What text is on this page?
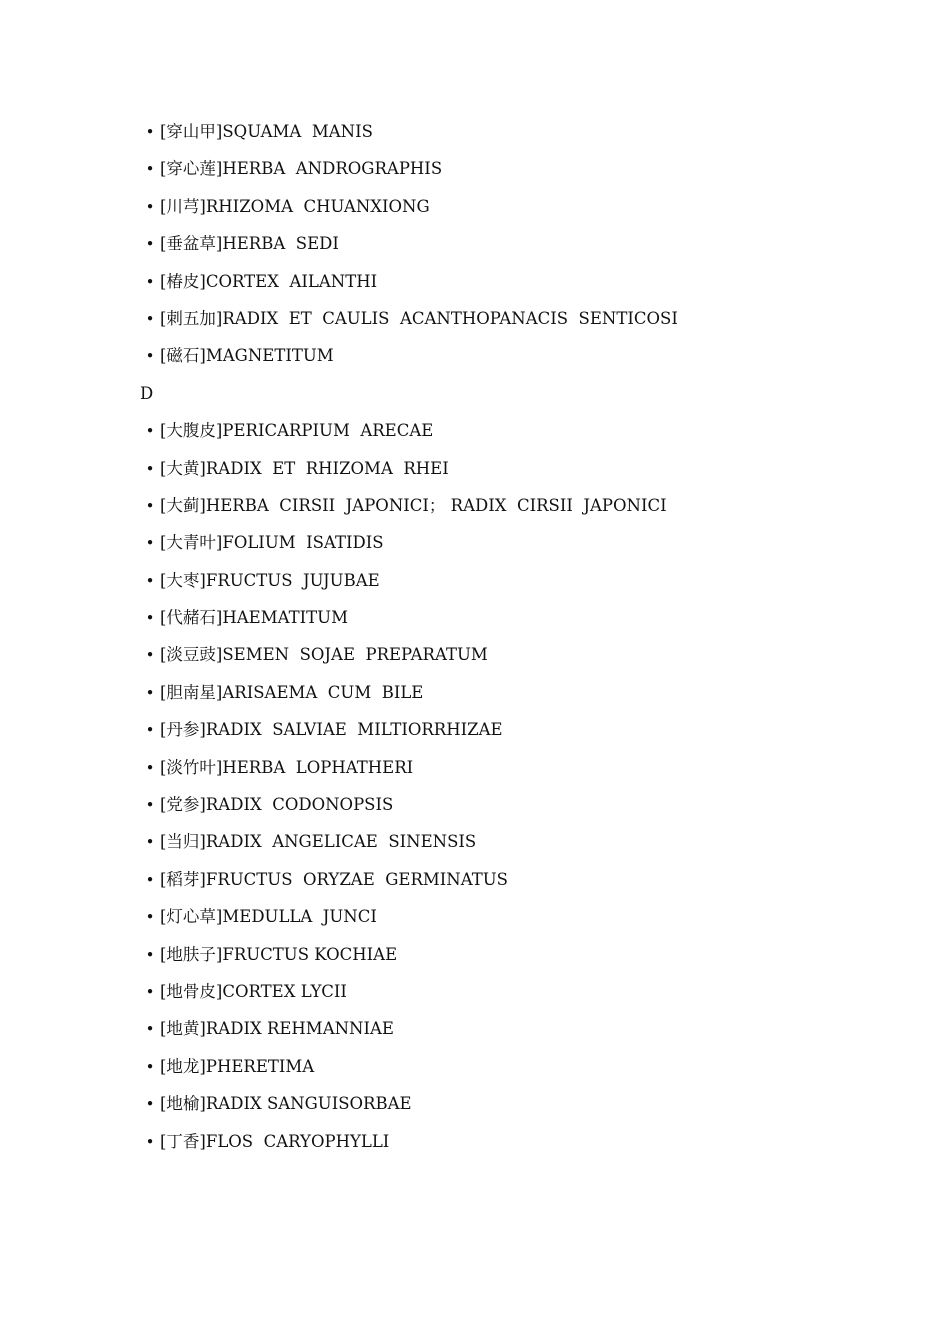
• [穿山甲]SQUAMA  MANIS
• [穿心莲]HERBA  ANDROGRAPHIS
• [川芎]RHIZOMA  CHUANXIONG
• [垂盆草]HERBA  SEDI
• [椿皮]CORTEX  AILANTHI
• [刺五加]RADIX  ET  CAULIS  ACANTHOPANACIS  SENTICOSI
• [磁石]MAGNETITUM
D
• [大腹皮]PERICARPIUM  ARECAE
• [大黄]RADIX  ET  RHIZOMA  RHEI
• [大蓟]HERBA  CIRSII  JAPONICI； RADIX  CIRSII  JAPONICI
• [大青叶]FOLIUM  ISATIDIS
• [大枣]FRUCTUS  JUJUBAE
• [代赭石]HAEMATITUM
• [淡豆豉]SEMEN  SOJAE  PREPARATUM
• [胆南星]ARISAEMA  CUM  BILE
• [丹参]RADIX  SALVIAE  MILTIORRHIZAE
• [淡竹叶]HERBA  LOPHATHERI
• [党参]RADIX  CODONOPSIS
• [当归]RADIX  ANGELICAE  SINENSIS
• [稻芽]FRUCTUS  ORYZAE  GERMINATUS
• [灯心草]MEDULLA  JUNCI
• [地肤子]FRUCTUS KOCHIAE
• [地骨皮]CORTEX LYCII
• [地黄]RADIX REHMANNIAE
• [地龙]PHERETIMA
• [地榆]RADIX SANGUISORBAE
• [丁香]FLOS  CARYOPHYLLI
